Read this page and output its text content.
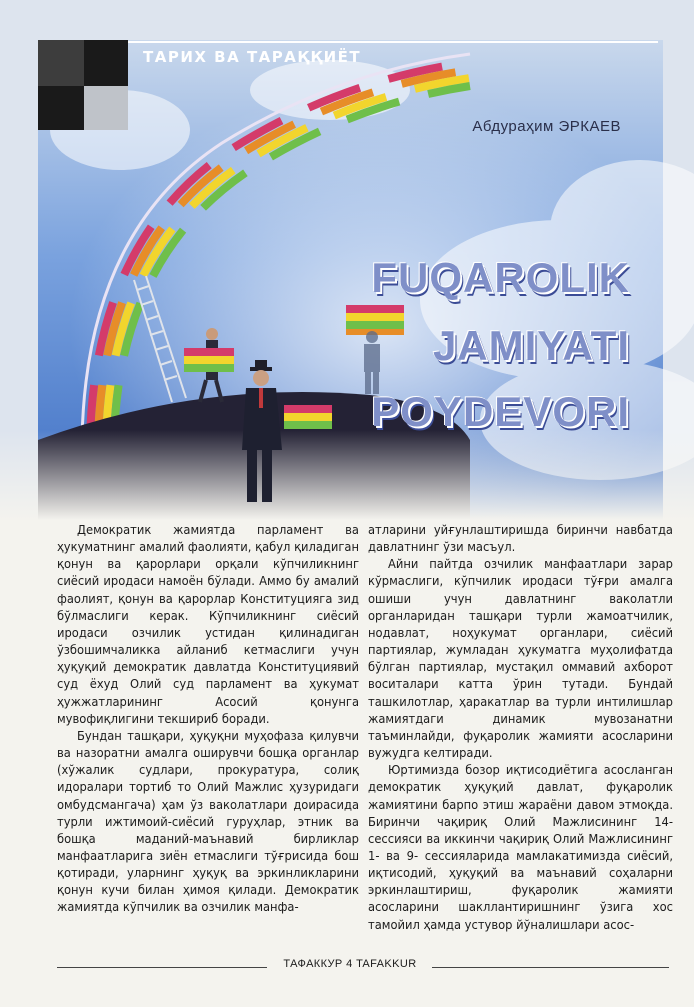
ТАРИХ ВА ТАРАҚҚИЁТ
Абдураҳим ЭРКАЕВ
FUQAROLIK
JAMIYATI
POYDEVORI

Демократик жамиятда парламент ва ҳукуматнинг амалий фаолияти, қабул қиладиган қонун ва қарорлари орқали кўпчиликнинг сиёсий иродаси намоён бўлади. Аммо бу амалий фаолият, қонун ва қарорлар Конституцияга зид бўлмаслиги керак. Кўпчиликнинг сиёсий иродаси озчилик устидан қилинадиган ўзбошимчаликка айланиб кетмаслиги учун ҳуқуқий демократик давлатда Конституциявий суд ёхуд Олий суд парламент ва ҳукумат ҳужжатларининг Асосий қонунга мувофиқлигини текшириб боради.

Бундан ташқари, ҳуқуқни муҳофаза қилувчи ва назоратни амалга оширувчи бошқа органлар (хўжалик судлари, прокуратура, солиқ идоралари тортиб то Олий Мажлис ҳузуридаги омбудсмангача) ҳам ўз ваколатлари доирасида турли ижтимоий-сиёсий гуруҳлар, этник ва бошқа маданий-маънавий бирликлар манфаатларига зиён етмаслиги тўғрисида бош қотиради, уларнинг ҳуқуқ ва эркинликларини қонун кучи билан ҳимоя қилади. Демократик жамиятда кўпчилик ва озчилик манфа-

атларини уйғунлаштиришда биринчи навбатда давлатнинг ўзи масъул.

Айни пайтда озчилик манфаатлари зарар кўрмаслиги, кўпчилик иродаси тўғри амалга ошиши учун давлатнинг ваколатли органларидан ташқари турли жамоатчилик, нодавлат, ноҳукумат органлари, сиёсий партиялар, жумладан ҳукуматга муҳолифатда бўлган партиялар, мустақил оммавий ахборот воситалари катта ўрин тутади. Бундай ташкилотлар, ҳаракатлар ва турли интилишлар жамиятдаги динамик мувозанатни таъминлайди, фуқаролик жамияти асосларини вужудга келтиради.

Юртимизда бозор иқтисодиётига асосланган демократик ҳуқуқий давлат, фуқаролик жамиятини барпо этиш жараёни давом этмоқда. Биринчи чақириқ Олий Мажлисининг 14-сессияси ва иккинчи чақириқ Олий Мажлисининг 1- ва 9- сессияларида мамлакатимизда сиёсий, иқтисодий, ҳуқуқий ва маънавий соҳаларни эркинлаштириш, фуқаролик жамияти асосларини шакллантиришнинг ўзига хос тамойил ҳамда устувор йўналишлари асос-

ТАФАККУР 4 TAFAKKUR
